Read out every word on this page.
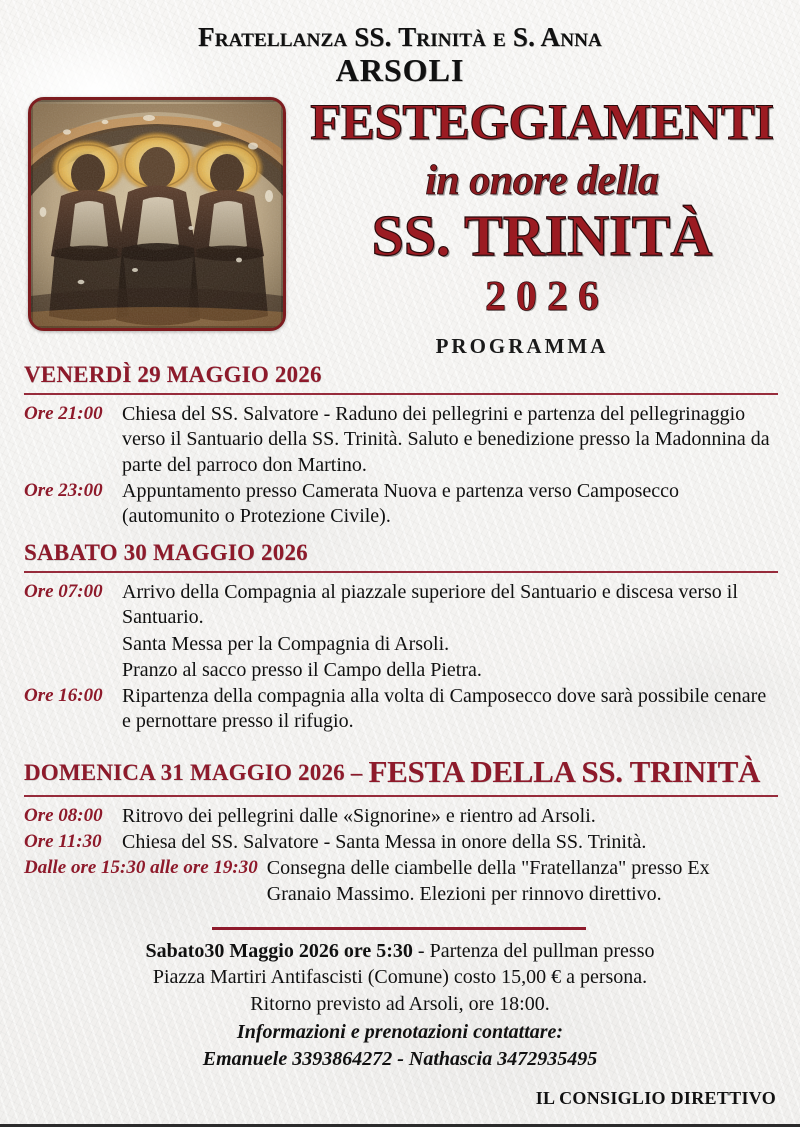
Fratellanza SS. Trinità e S. Anna
ARSOLI
FESTEGGIAMENTI
in onore della
SS. TRINITÀ
2026
PROGRAMMA
VENERDÌ 29 MAGGIO 2026
Ore 21:00 Chiesa del SS. Salvatore - Raduno dei pellegrini e partenza del pellegrinaggio verso il Santuario della SS. Trinità. Saluto e benedizione presso la Madonnina da parte del parroco don Martino.
Ore 23:00 Appuntamento presso Camerata Nuova e partenza verso Camposecco (automunito o Protezione Civile).
SABATO 30 MAGGIO 2026
Ore 07:00 Arrivo della Compagnia al piazzale superiore del Santuario e discesa verso il Santuario.
Santa Messa per la Compagnia di Arsoli.
Pranzo al sacco presso il Campo della Pietra.
Ore 16:00 Ripartenza della compagnia alla volta di Camposecco dove sarà possibile cenare e pernottare presso il rifugio.
DOMENICA 31 MAGGIO 2026 – FESTA DELLA SS. TRINITÀ
Ore 08:00 Ritrovo dei pellegrini dalle «Signorine» e rientro ad Arsoli.
Ore 11:30	Chiesa del SS. Salvatore - Santa Messa in onore della SS. Trinità.
Dalle ore 15:30 alle ore 19:30 Consegna delle ciambelle della "Fratellanza" presso Ex Granaio Massimo. Elezioni per rinnovo direttivo.
Sabato30 Maggio 2026 ore 5:30 - Partenza del pullman presso
Piazza Martiri Antifascisti (Comune) costo 15,00 € a persona.
Ritorno previsto ad Arsoli, ore 18:00.
Informazioni e prenotazioni contattare:
Emanuele 3393864272 - Nathascia 3472935495
IL CONSIGLIO DIRETTIVO
